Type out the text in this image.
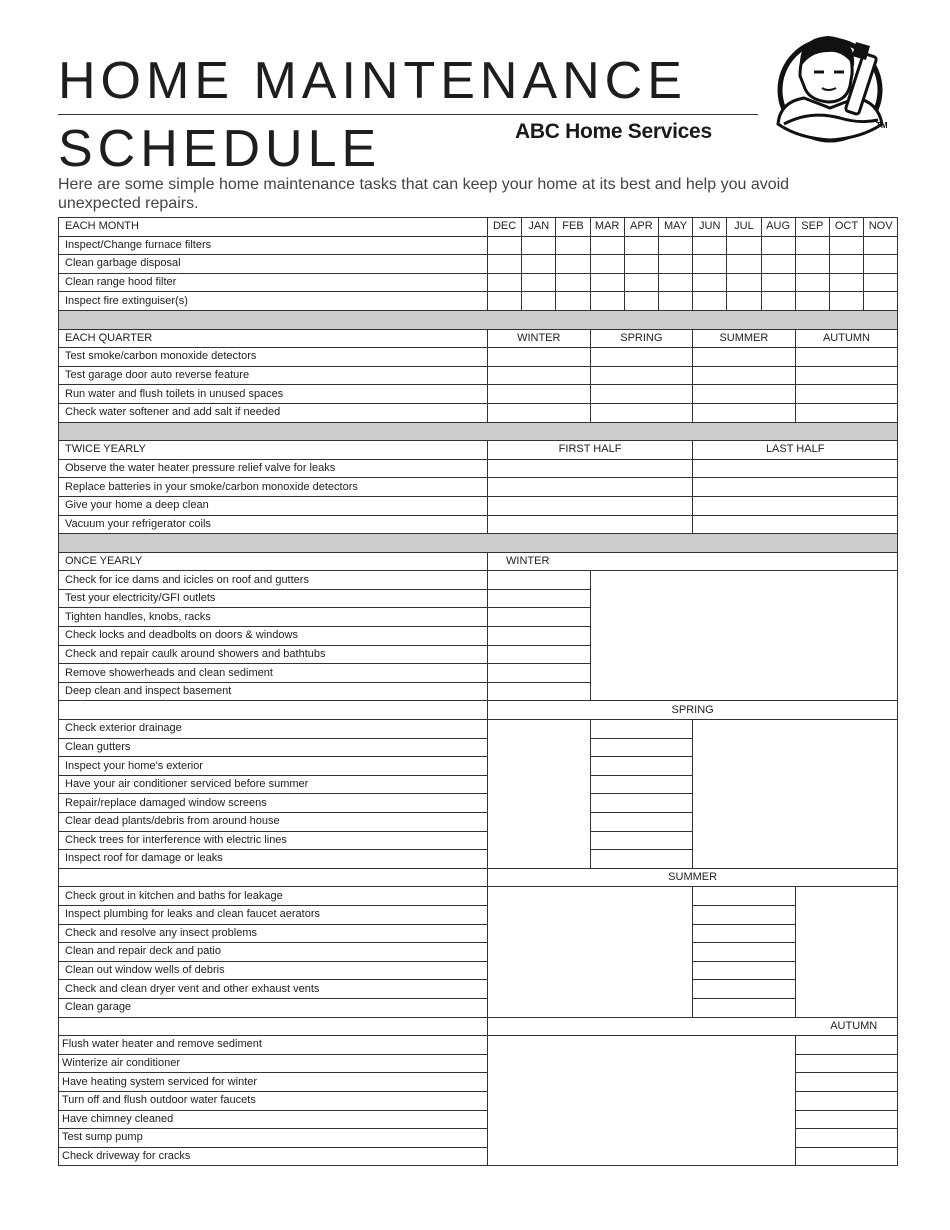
HOME MAINTENANCE
SCHEDULE	ABC Home Services	TM

Here are some simple home maintenance tasks that can keep your home at its best and help you avoid unexpected repairs.

EACH MONTH	DEC	JAN	FEB	MAR	APR	MAY	JUN	JUL	AUG	SEP	OCT	NOV
Inspect/Change furnace filters												
Clean garbage disposal												
Clean range hood filter												
Inspect fire extinguiser(s)												

EACH QUARTER	WINTER			SPRING			SUMMER			AUTUMN		
Test smoke/carbon monoxide detectors												
Test garage door auto reverse feature												
Run water and flush toilets in unused spaces												
Check water softener and add salt if needed												

TWICE YEARLY	FIRST HALF						LAST HALF					
Observe the water heater pressure relief valve for leaks												
Replace batteries in your smoke/carbon monoxide detectors												
Give your home a deep clean												
Vacuum your refrigerator coils												

ONCE YEARLY	WINTER											
Check for ice dams and icicles on roof and gutters												
Test your electricity/GFI outlets												
Tighten handles, knobs, racks												
Check locks and deadbolts on doors & windows												
Check and repair caulk around showers and bathtubs												
Remove showerheads and clean sediment												
Deep clean and inspect basement												
	SPRING											
Check exterior drainage												
Clean gutters												
Inspect your home’s exterior												
Have your air conditioner serviced before summer												
Repair/replace damaged window screens												
Clear dead plants/debris from around house												
Check trees for interference with electric lines												
Inspect roof for damage or leaks												
	SUMMER											
Check grout in kitchen and baths for leakage												
Inspect plumbing for leaks and clean faucet aerators												
Check and resolve any insect problems												
Clean and repair deck and patio												
Clean out window wells of debris												
Check and clean dryer vent and other exhaust vents												
Clean garage												
	AUTUMN											
Flush water heater and remove sediment												
Winterize air conditioner												
Have heating system serviced for winter												
Turn off and flush outdoor water faucets												
Have chimney cleaned												
Test sump pump												
Check driveway for cracks												
